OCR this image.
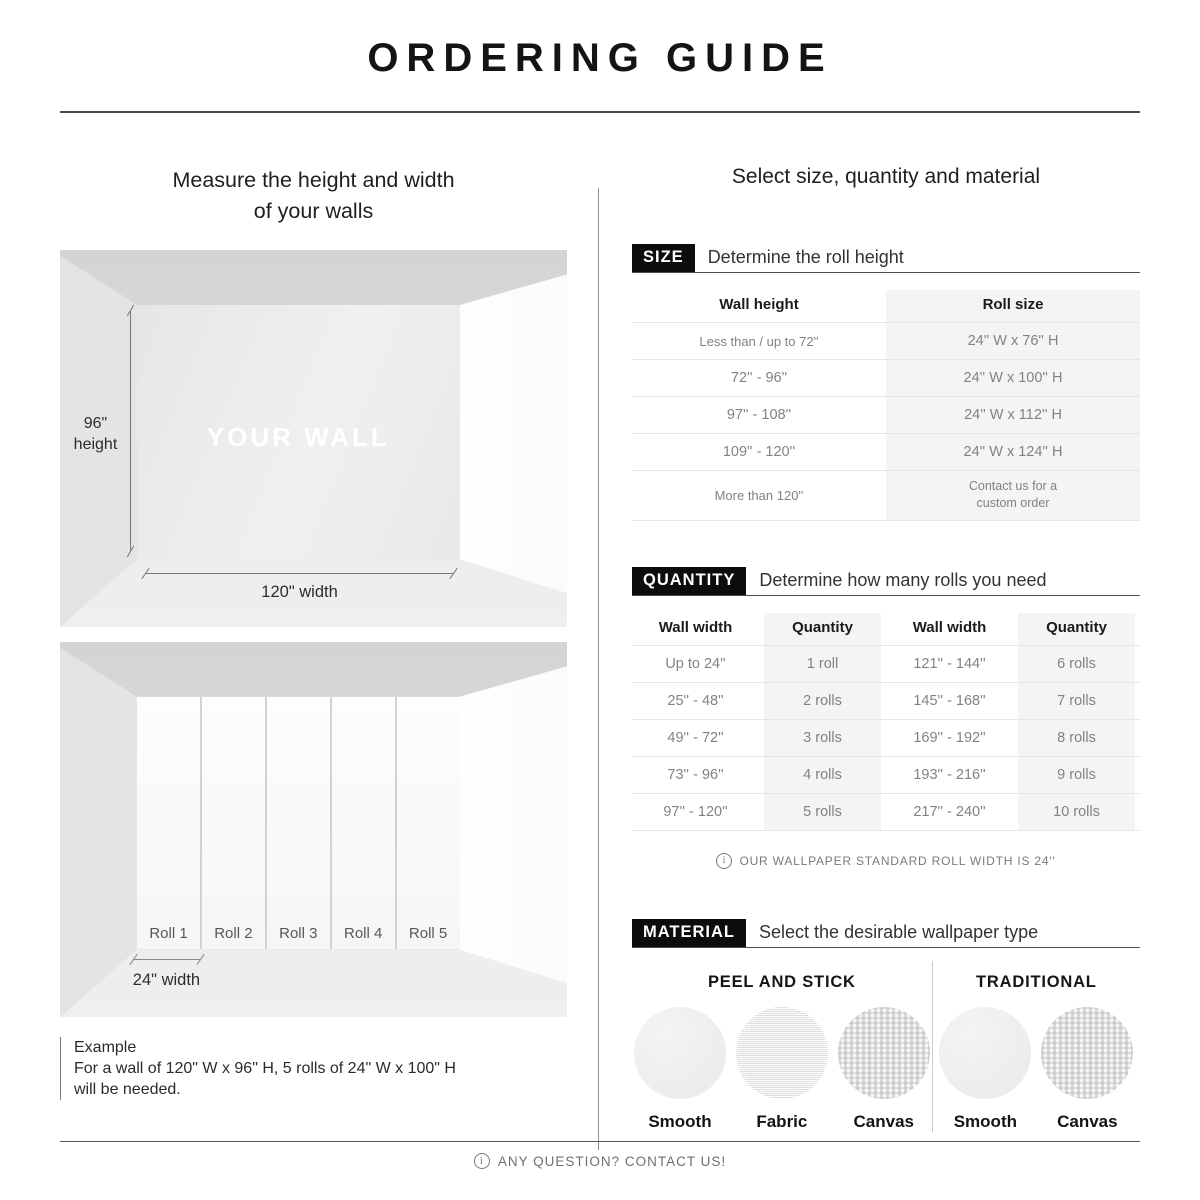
ORDERING GUIDE
Measure the height and width
of your walls
YOUR WALL
96"
height
120" width
Roll 1	Roll 2	Roll 3	Roll 4	Roll 5
24" width
Example
For a wall of 120" W x 96" H, 5 rolls of 24" W x 100" H
will be needed.
Select size, quantity and material
SIZE	Determine the roll height
Wall height	Roll size
Less than / up to 72''	24'' W x 76'' H
72'' - 96''	24'' W x 100'' H
97'' - 108''	24'' W x 112'' H
109'' - 120''	24'' W x 124'' H
More than 120''	Contact us for a custom order
QUANTITY	Determine how many rolls you need
Wall width	Quantity	Wall width	Quantity
Up to 24''	1 roll	121'' - 144''	6 rolls
25'' - 48''	2 rolls	145'' - 168''	7 rolls
49'' - 72''	3 rolls	169'' - 192''	8 rolls
73'' - 96''	4 rolls	193'' - 216''	9 rolls
97'' - 120''	5 rolls	217'' - 240''	10 rolls
i
OUR WALLPAPER STANDARD ROLL WIDTH IS 24''
MATERIAL	Select the desirable wallpaper type
PEEL AND STICK
Smooth	Fabric	Canvas
TRADITIONAL
Smooth	Canvas
i
ANY QUESTION? CONTACT US!
